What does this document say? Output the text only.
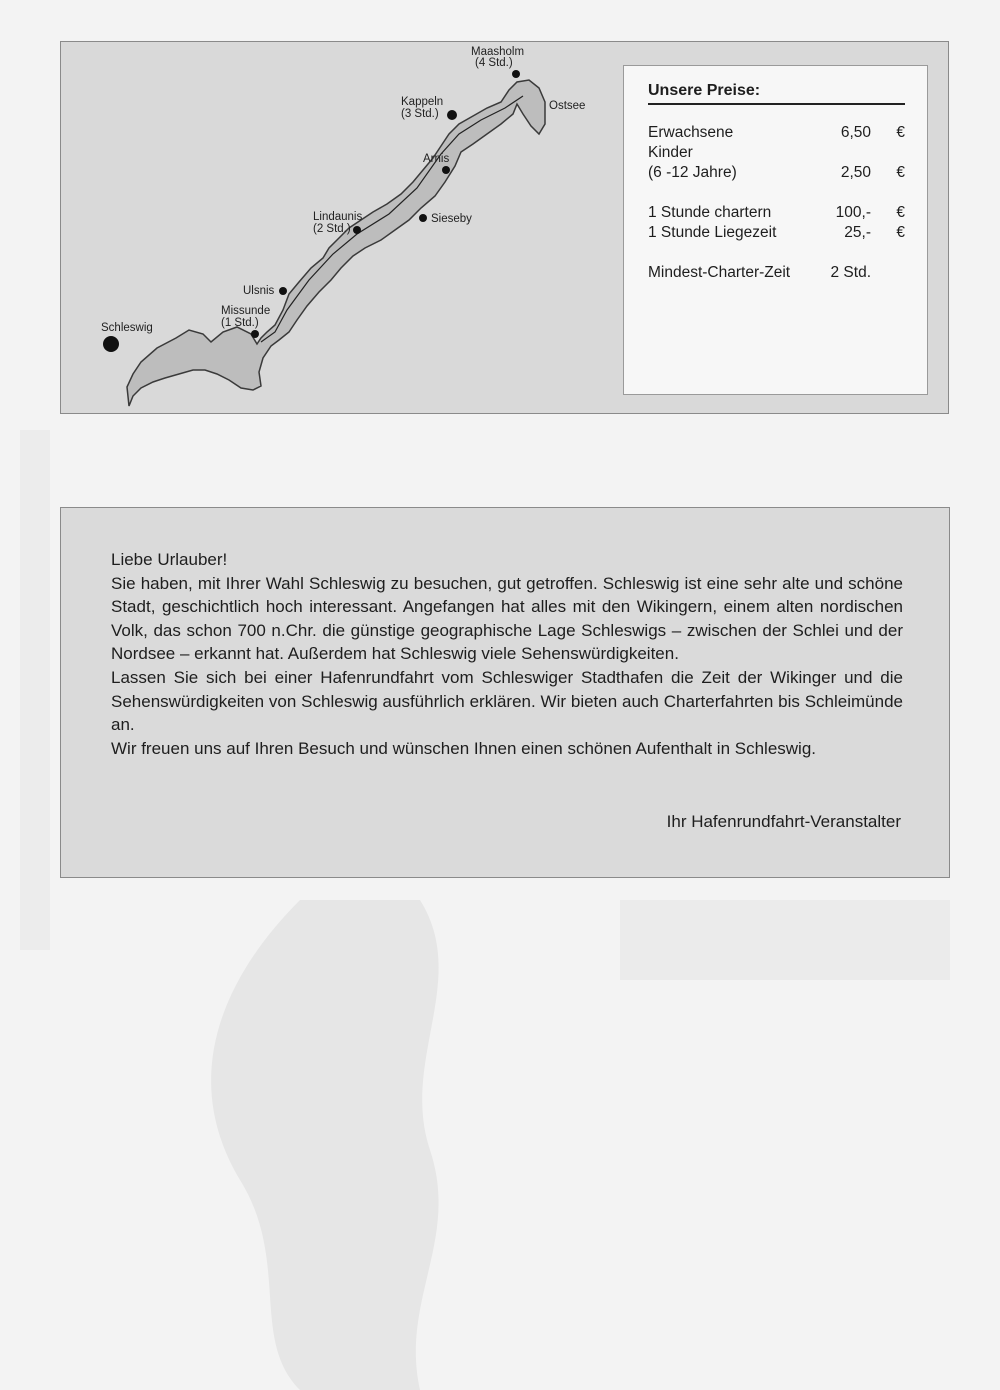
Maasholm
(4 Std.)
Kappeln
(3 Std.)
Ostsee
Arnis
Lindaunis
(2 Std.)
Sieseby
Ulsnis
Missunde
(1 Std.)
Schleswig
Unsere Preise:
Erwachsene	6,50 €
Kinder
(6 -12 Jahre)	2,50 €
1 Stunde chartern	100,- €
1 Stunde Liegezeit	25,- €
Mindest-Charter-Zeit	2 Std.

Liebe Urlauber!

Sie haben, mit Ihrer Wahl Schleswig zu besuchen, gut getroffen. Schleswig ist eine sehr alte und schöne Stadt, geschichtlich hoch interessant. Angefangen hat alles mit den Wikingern, einem alten nordischen Volk, das schon 700 n.Chr. die günstige geographische Lage Schleswigs – zwischen der Schlei und der Nordsee – erkannt hat. Außerdem hat Schleswig viele Sehenswürdigkeiten.

Lassen Sie sich bei einer Hafenrundfahrt vom Schleswiger Stadthafen die Zeit der Wikinger und die Sehenswürdigkeiten von Schleswig ausführlich erklären. Wir bieten auch Charterfahrten bis Schleimünde an.

Wir freuen uns auf Ihren Besuch und wünschen Ihnen einen schönen Aufenthalt in Schleswig.

Ihr Hafenrundfahrt-Veranstalter
